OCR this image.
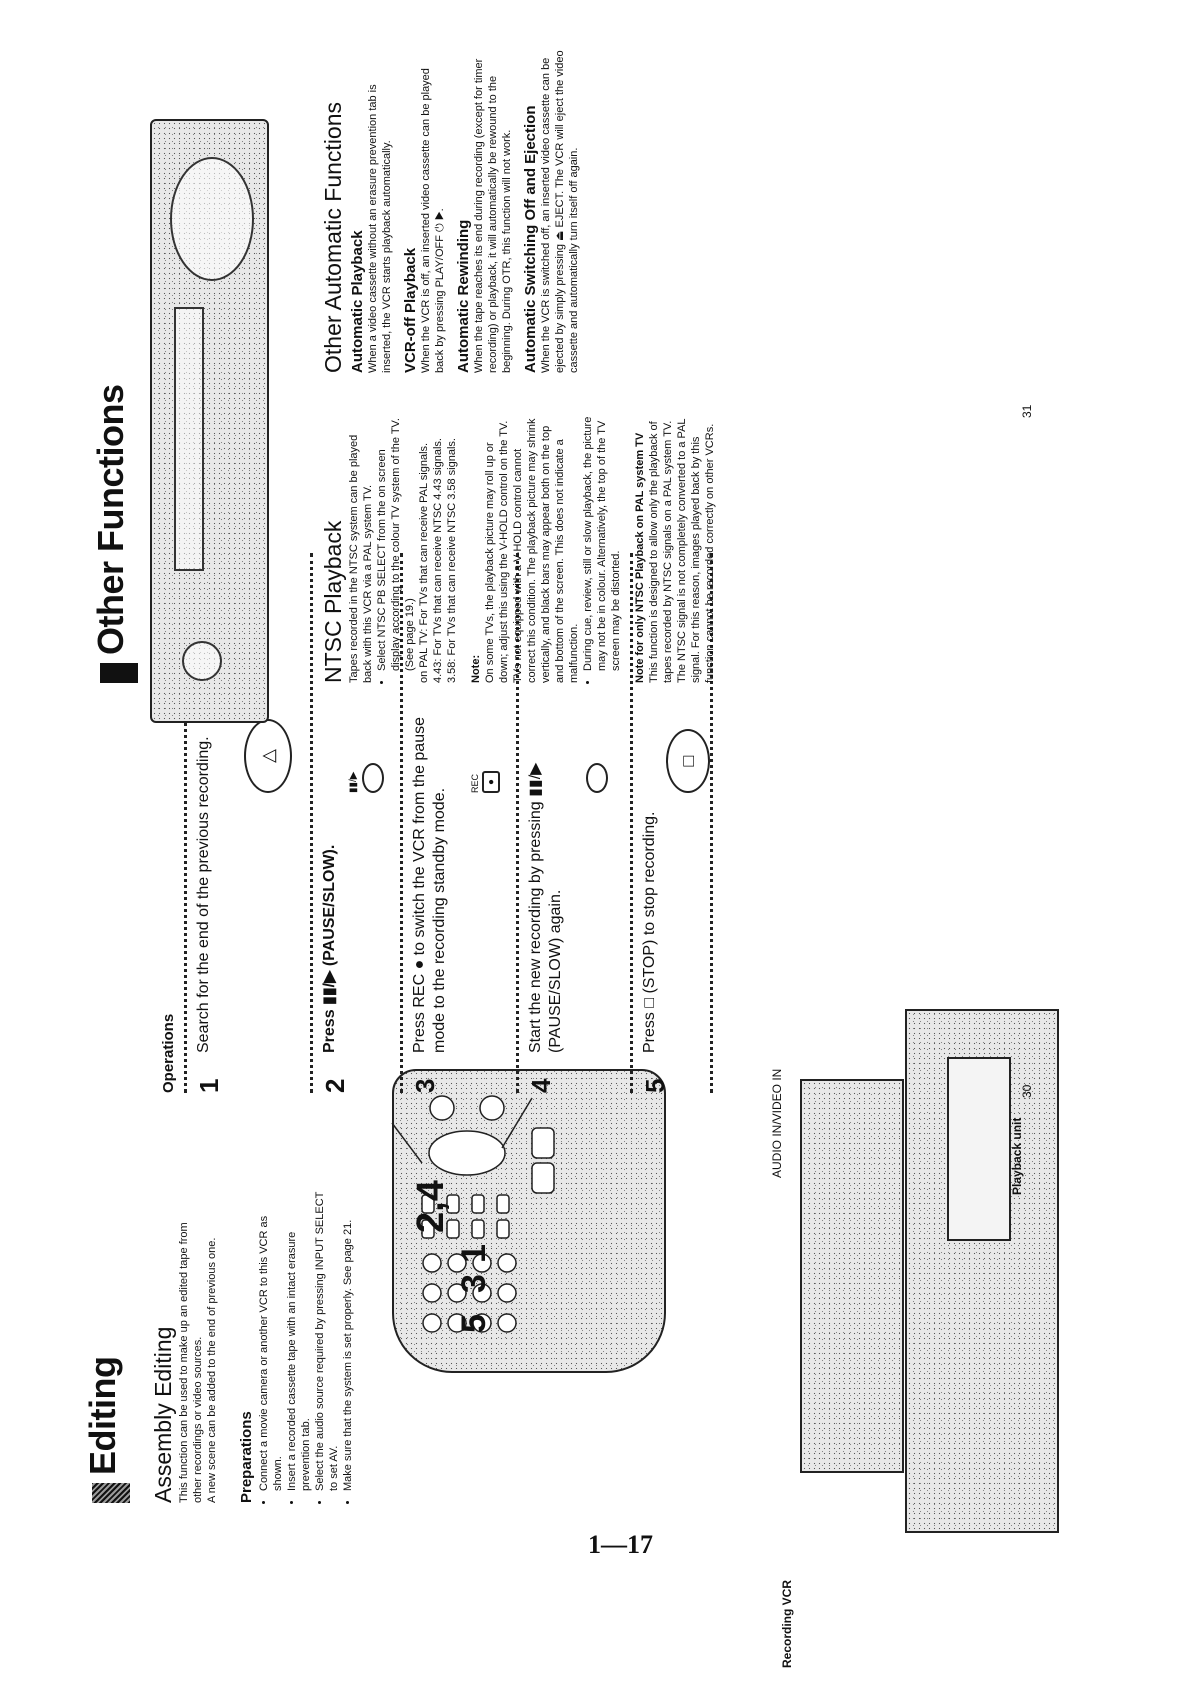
1—17
Editing Assembly Editing This function can be used to make up an edited tape from other recordings or video sources. A new scene can be added to the end of previous one. Preparations • Connect a movie camera or another VCR to this VCR as shown. • Insert a recorded cassette tape with an intact erasure prevention tab. • Select the audio source required by pressing INPUT SELECT to set AV. • Make sure that the system is set properly. See page 21.
2,4
3
1
5
Recording VCR
AUDIO IN/VIDEO IN	Playback unit
Operations 1
Search for the end of the previous recording.	△
2
Press ▮▮/▶ (PAUSE/SLOW).
▮▮/▶
3
Press REC ● to switch the VCR from the pause mode to the recording standby mode.
REC ●
4
Start the new recording by pressing ▮▮/▶ (PAUSE/SLOW) again.
5
Press □ (STOP) to stop recording.
□
30
Other Functions	NTSC Playback Tapes recorded in the NTSC system can be played back with this VCR via a PAL system TV. • Select NTSC PB SELECT from the on screen display according to the colour TV system of the TV. (See page 19.) on PAL TV: For TVs that can receive PAL signals. 4.43: For TVs that can receive NTSC 4.43 signals. 3.58: For TVs that can receive NTSC 3.58 signals. Note: On some TVs, the playback picture may roll up or down; adjust this using the V-HOLD control on the TV. TVs not equipped with a V-HOLD control cannot correct this condition. The playback picture may shrink vertically, and black bars may appear both on the top and bottom of the screen. This does not indicate a malfunction. • During cue, review, still or slow playback, the picture may not be in colour. Alternatively, the top of the TV screen may be distorted. Note for only NTSC Playback on PAL system TV This function is designed to allow only the playback of tapes recorded by NTSC signals on a PAL system TV. The NTSC signal is not completely converted to a PAL signal. For this reason, images played back by this function cannot be recorded correctly on other VCRs.
Other Automatic Functions Automatic Playback When a video cassette without an erasure prevention tab is inserted, the VCR starts playback automatically. VCR-off Playback When the VCR is off, an inserted video cassette can be played back by pressing PLAY/OFF ⏻ ▶. Automatic Rewinding When the tape reaches its end during recording (except for timer recording) or playback, it will automatically be rewound to the beginning. During OTR, this function will not work. Automatic Switching Off and Ejection When the VCR is switched off, an inserted video cassette can be ejected by simply pressing ⏏ EJECT. The VCR will eject the video cassette and automatically turn itself off again.
31
